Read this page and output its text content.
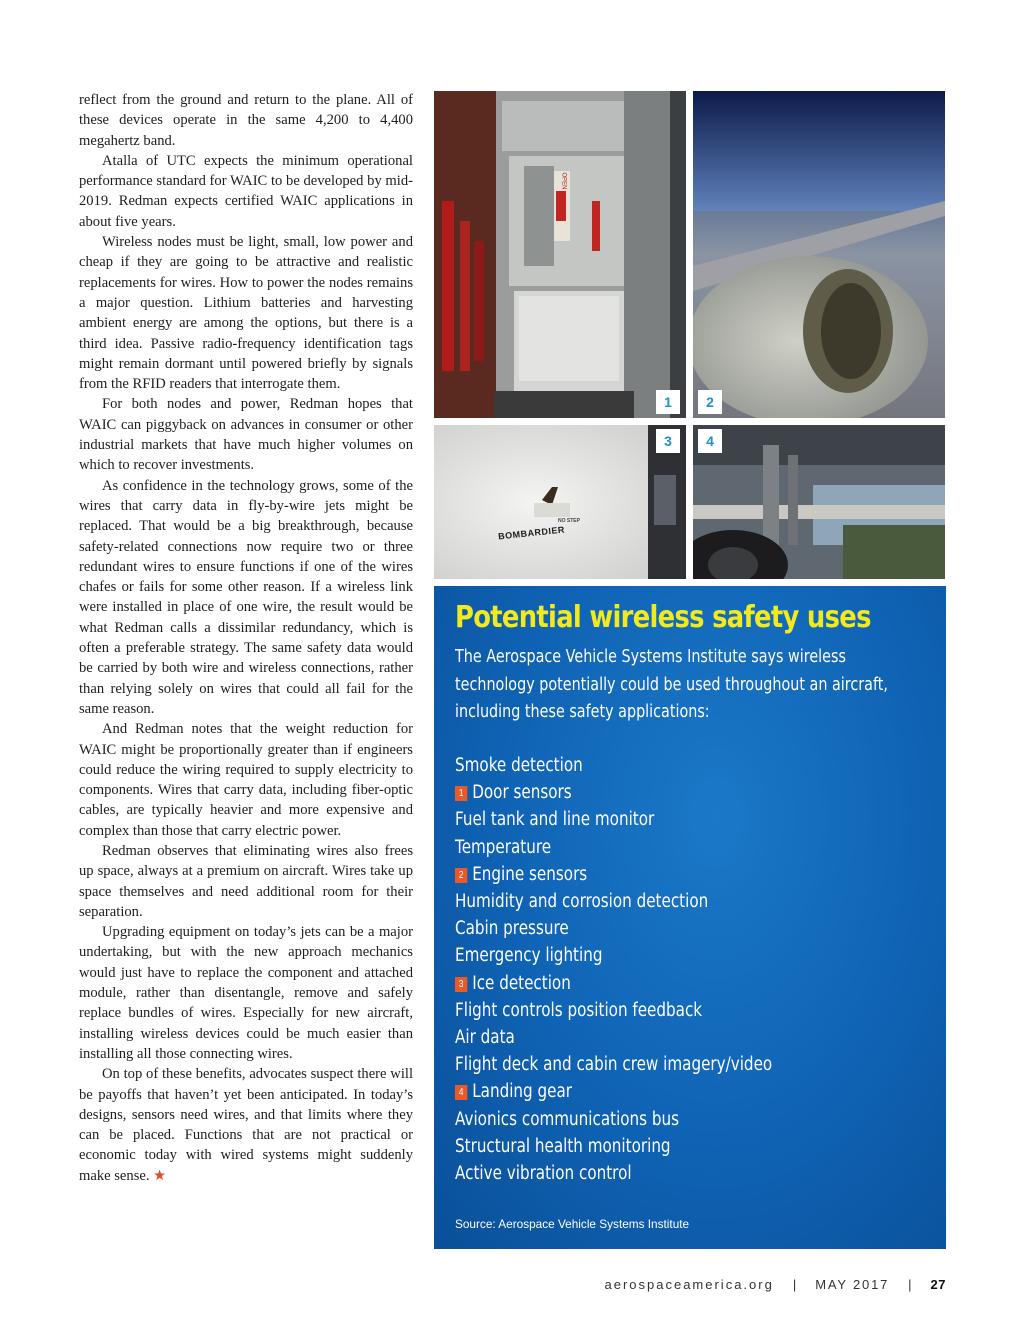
reflect from the ground and return to the plane. All of these devices operate in the same 4,200 to 4,400 megahertz band.

Atalla of UTC expects the minimum operational performance standard for WAIC to be developed by mid-2019. Redman expects certified WAIC applications in about five years.

Wireless nodes must be light, small, low power and cheap if they are going to be attractive and realistic replacements for wires. How to power the nodes remains a major question. Lithium batteries and harvesting ambient energy are among the options, but there is a third idea. Passive radio-frequency identification tags might remain dormant until powered briefly by signals from the RFID readers that interrogate them.

For both nodes and power, Redman hopes that WAIC can piggyback on advances in consumer or other industrial markets that have much higher volumes on which to recover investments.

As confidence in the technology grows, some of the wires that carry data in fly-by-wire jets might be replaced. That would be a big breakthrough, because safety-related connections now require two or three redundant wires to ensure functions if one of the wires chafes or fails for some other reason. If a wireless link were installed in place of one wire, the result would be what Redman calls a dissimilar redundancy, which is often a preferable strategy. The same safety data would be carried by both wire and wireless connections, rather than relying solely on wires that could all fail for the same reason.

And Redman notes that the weight reduction for WAIC might be proportionally greater than if engineers could reduce the wiring required to supply electricity to components. Wires that carry data, including fiber-optic cables, are typically heavier and more expensive and complex than those that carry electric power.

Redman observes that eliminating wires also frees up space, always at a premium on aircraft. Wires take up space themselves and need additional room for their separation.

Upgrading equipment on today’s jets can be a major undertaking, but with the new approach mechanics would just have to replace the component and attached module, rather than disentangle, remove and safely replace bundles of wires. Especially for new aircraft, installing wireless devices could be much easier than installing all those connecting wires.

On top of these benefits, advocates suspect there will be payoffs that haven’t yet been anticipated. In today’s designs, sensors need wires, and that limits where they can be placed. Functions that are not practical or economic today with wired systems might suddenly make sense. ★

1
OPEN
2
3
NO STEP
BOMBARDIER
4
Potential wireless safety uses

The Aerospace Vehicle Systems Institute says wireless technology potentially could be used throughout an aircraft, including these safety applications:

Smoke detection
1 Door sensors
Fuel tank and line monitor
Temperature
2 Engine sensors
Humidity and corrosion detection
Cabin pressure
Emergency lighting
3 Ice detection
Flight controls position feedback
Air data
Flight deck and cabin crew imagery/video
4 Landing gear
Avionics communications bus
Structural health monitoring
Active vibration control

Source: Aerospace Vehicle Systems Institute

aerospaceamerica.org | MAY 2017 | 27
